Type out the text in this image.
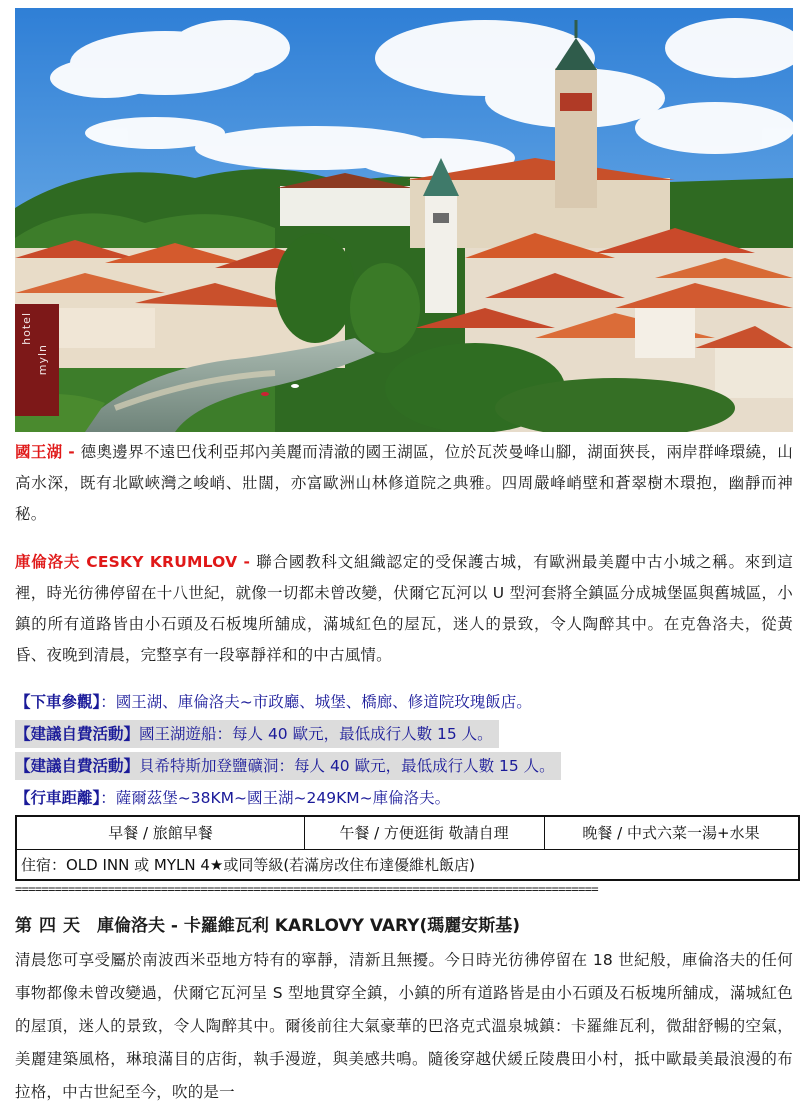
hotel
myln

國王湖 - 德奧邊界不遠巴伐利亞邦內美麗而清澈的國王湖區，位於瓦茨曼峰山腳，湖面狹長，兩岸群峰環繞，山高水深，既有北歐峽灣之峻峭、壯闊，亦富歐洲山林修道院之典雅。四周嚴峰峭壁和蒼翠樹木環抱，幽靜而神秘。

庫倫洛夫 CESKY KRUMLOV - 聯合國教科文組織認定的受保護古城，有歐洲最美麗中古小城之稱。來到這裡，時光彷彿停留在十八世紀，就像一切都未曾改變，伏爾它瓦河以 U 型河套將全鎮區分成城堡區與舊城區，小鎮的所有道路皆由小石頭及石板塊所舖成，滿城紅色的屋瓦，迷人的景致，令人陶醉其中。在克魯洛夫，從黃昏、夜晚到清晨，完整享有一段寧靜祥和的中古風情。

【下車參觀】：國王湖、庫倫洛夫~市政廳、城堡、橋廊、修道院玫瑰飯店。
【建議自費活動】國王湖遊船：每人 40 歐元，最低成行人數 15 人。
【建議自費活動】貝希特斯加登鹽礦洞：每人 40 歐元，最低成行人數 15 人。
【行車距離】：薩爾茲堡~38KM~國王湖~249KM~庫倫洛夫。
早餐 / 旅館早餐	午餐 / 方便逛街 敬請自理	晚餐 / 中式六菜一湯+水果
住宿：OLD INN 或 MYLN 4★或同等級(若滿房改住布達優維札飯店)
========================================================================================
第四天 庫倫洛夫 - 卡羅維瓦利 KARLOVY VARY(瑪麗安斯基)

清晨您可享受屬於南波西米亞地方特有的寧靜，清新且無擾。今日時光彷彿停留在 18 世紀般，庫倫洛夫的任何事物都像未曾改變過，伏爾它瓦河呈 S 型地貫穿全鎮，小鎮的所有道路皆是由小石頭及石板塊所舖成，滿城紅色的屋頂，迷人的景致，令人陶醉其中。爾後前往大氣豪華的巴洛克式溫泉城鎮：卡羅維瓦利，微甜舒暢的空氣，美麗建築風格，琳琅滿目的店街，執手漫遊，與美感共鳴。隨後穿越伏緩丘陵農田小村，抵中歐最美最浪漫的布拉格，中古世紀至今，吹的是一
